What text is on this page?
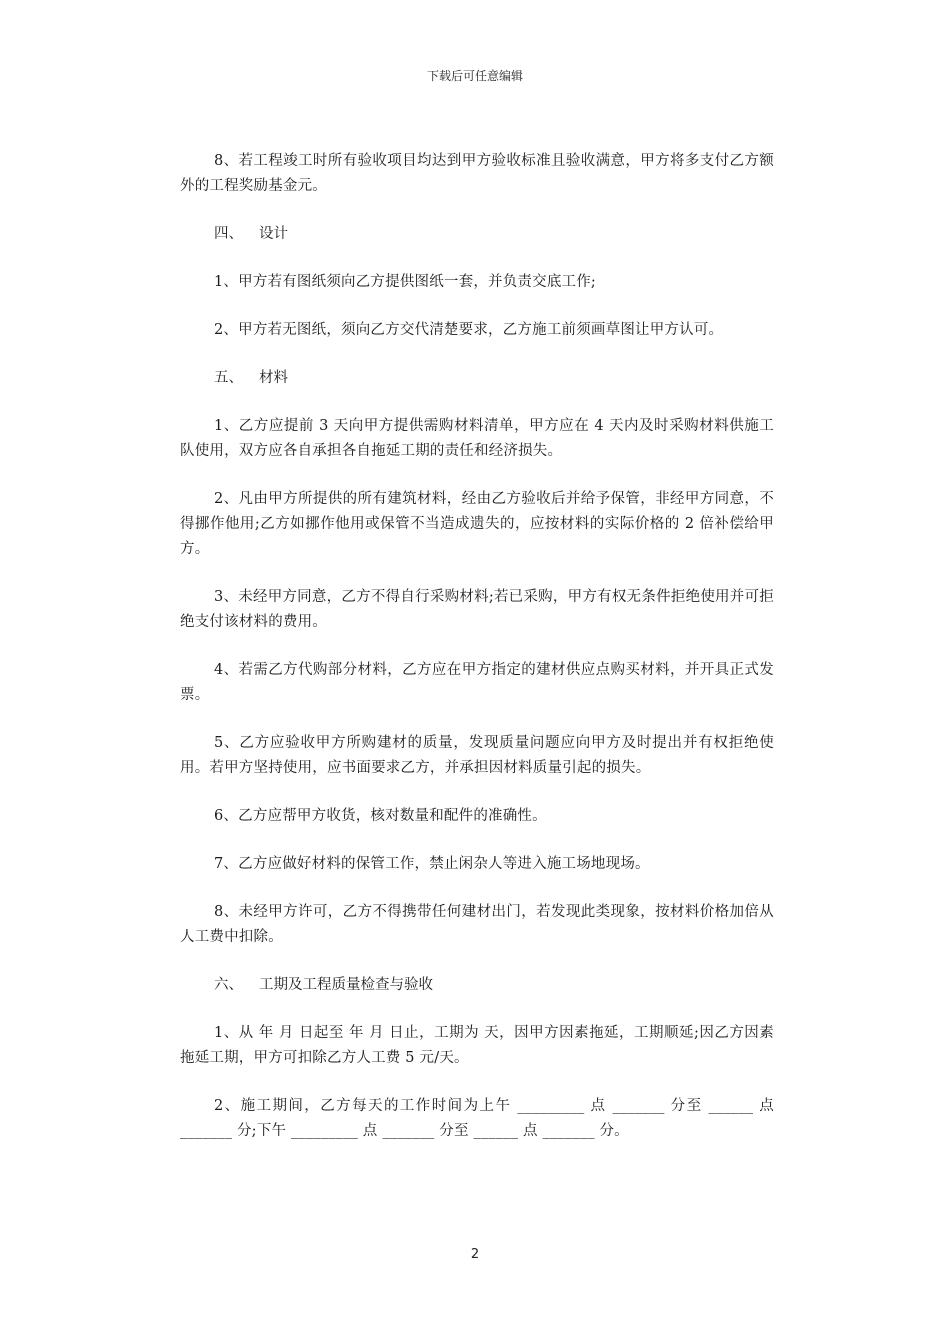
下载后可任意编辑

8、若工程竣工时所有验收项目均达到甲方验收标准且验收满意，甲方将多支付乙方额外的工程奖励基金元。

四、 设计

1、甲方若有图纸须向乙方提供图纸一套，并负责交底工作;

2、甲方若无图纸，须向乙方交代清楚要求，乙方施工前须画草图让甲方认可。

五、 材料

1、乙方应提前 3 天向甲方提供需购材料清单，甲方应在 4 天内及时采购材料供施工队使用，双方应各自承担各自拖延工期的责任和经济损失。

2、凡由甲方所提供的所有建筑材料，经由乙方验收后并给予保管，非经甲方同意，不得挪作他用;乙方如挪作他用或保管不当造成遗失的，应按材料的实际价格的 2 倍补偿给甲方。

3、未经甲方同意，乙方不得自行采购材料;若已采购，甲方有权无条件拒绝使用并可拒绝支付该材料的费用。

4、若需乙方代购部分材料，乙方应在甲方指定的建材供应点购买材料，并开具正式发票。

5、乙方应验收甲方所购建材的质量，发现质量问题应向甲方及时提出并有权拒绝使用。若甲方坚持使用，应书面要求乙方，并承担因材料质量引起的损失。

6、乙方应帮甲方收货，核对数量和配件的准确性。

7、乙方应做好材料的保管工作，禁止闲杂人等进入施工场地现场。

8、未经甲方许可，乙方不得携带任何建材出门，若发现此类现象，按材料价格加倍从人工费中扣除。

六、 工期及工程质量检查与验收

1、从 年 月 日起至 年 月 日止，工期为 天，因甲方因素拖延，工期顺延;因乙方因素拖延工期，甲方可扣除乙方人工费 5 元/天。

2、施工期间，乙方每天的工作时间为上午 _________ 点 _______ 分至 ______ 点 _______ 分;下午 _________ 点 _______ 分至 ______ 点 _______ 分。

2
